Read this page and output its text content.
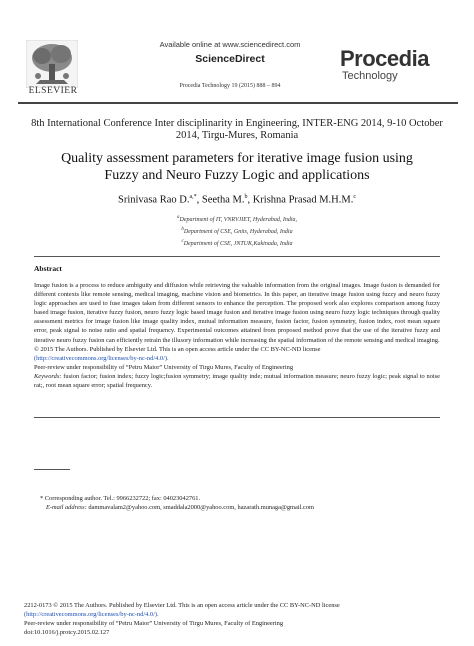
ELSEVIER
Available online at www.sciencedirect.com
ScienceDirect
Procedia Technology 19 (2015) 888 – 894
Procedia
Technology
8th International Conference Inter disciplinarity in Engineering, INTER-ENG 2014, 9-10 October 2014, Tirgu-Mures, Romania
Quality assessment parameters for iterative image fusion using
Fuzzy and Neuro Fuzzy Logic and applications
Srinivasa Rao D.$^{a,*}$, Seetha M.$^b$, Krishna Prasad M.H.M.$^c$
$^a$Department of IT, VNRVJIET, Hyderabad, India,
$^b$Department of CSE, Gnits, Hyderabad, India
$^c$Department of CSE, JNTUK,Kakinada, India
Abstract

Image fusion is a process to reduce ambiguity and diffusion while retrieving the valuable information from the original images. Image fusion is demanded for different contexts like remote sensing, medical imaging, machine vision and biometrics. In this paper, an iterative image fusion using fuzzy and neuro fuzzy logic approaches are used to fuse images taken from different sensors to enhance the perception. The proposed work also explores comparison among fuzzy based image fusion, iterative fuzzy fusion, neuro fuzzy logic based image fusion and iterative image fusion using neuro fuzzy logic techniques through quality assessment metrics for image fusion like image quality index, mutual information measure, fusion factor, fusion symmetry, fusion index, root mean square error, peak signal to noise ratio and spatial frequency. Experimental outcomes attained from proposed method prove that the use of the iterative fuzzy and iterative neuro fuzzy fusion can efficiently retrain the illusory information while increasing the spatial information of the remote sensing and medical imaging.

© 2015 The Authors. Published by Elsevier Ltd. This is an open access article under the CC BY-NC-ND license

(http://creativecommons.org/licenses/by-nc-nd/4.0/).

Peer-review under responsibility of “Petru Maior” University of Tirgu Mures, Faculty of Engineering

Keywords: fusion factor; fusion index; fuzzy logic;fusion symmetry; image quality inde; mutual information measure; neuro fuzzy logic; peak signal to noise rat;, root mean square error; spatial frequency.

* Corresponding author. Tel.: 9966232722; fax: 04023042761.

E-mail address: dammavalam2@yahoo.com, smaddala2000@yahoo.com, hazarath.munaga@gmail.com

2212-0173 © 2015 The Authors. Published by Elsevier Ltd. This is an open access article under the CC BY-NC-ND license

(http://creativecommons.org/licenses/by-nc-nd/4.0/).

Peer-review under responsibility of “Petru Maior” University of Tirgu Mures, Faculty of Engineering

doi:10.1016/j.protcy.2015.02.127
